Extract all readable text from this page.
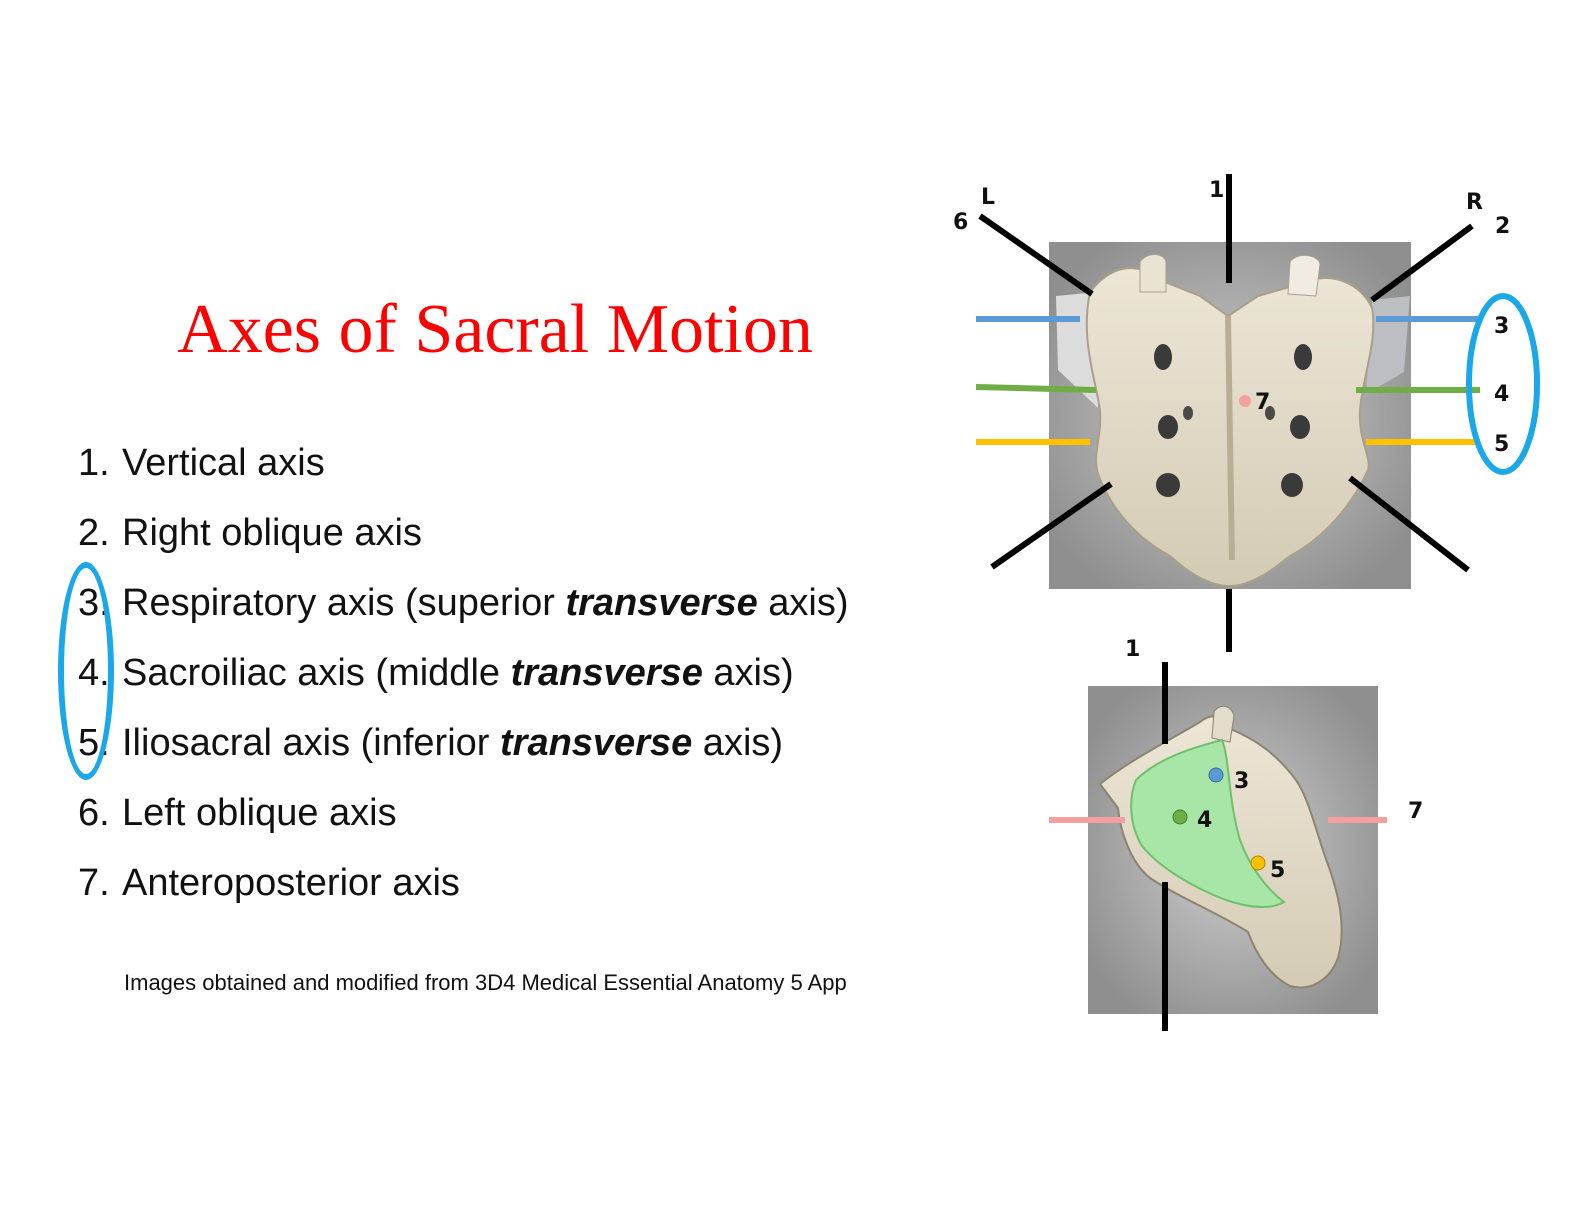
Axes of Sacral Motion
1. Vertical axis
2. Right oblique axis
3. Respiratory axis (superior transverse axis)
4. Sacroiliac axis (middle transverse axis)
5. Iliosacral axis (inferior transverse axis)
6. Left oblique axis
7. Anteroposterior axis
Images obtained and modified from 3D4 Medical Essential Anatomy 5 App
1
L
6
R
2
3
4
5
7
1
3
4
5
7
